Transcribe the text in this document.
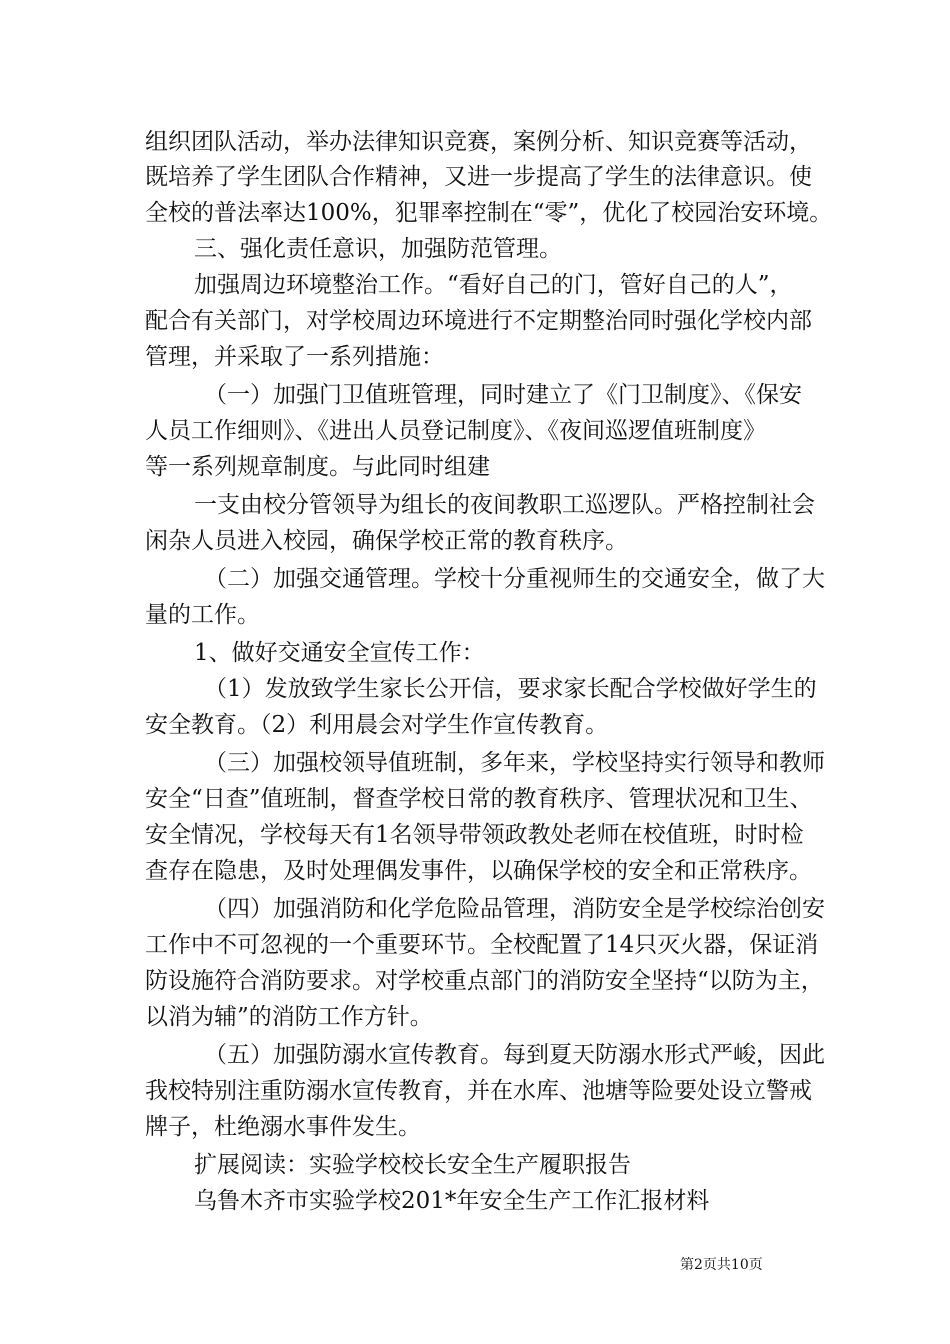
组织团队活动，举办法律知识竞赛，案例分析、知识竞赛等活动，
既培养了学生团队合作精神，又进一步提高了学生的法律意识。使
全校的普法率达100%，犯罪率控制在“零”，优化了校园治安环境。
三、强化责任意识，加强防范管理。
加强周边环境整治工作。“看好自己的门，管好自己的人”，
配合有关部门，对学校周边环境进行不定期整治同时强化学校内部
管理，并采取了一系列措施：
（一）加强门卫值班管理，同时建立了《门卫制度》、《保安
人员工作细则》、《进出人员登记制度》、《夜间巡逻值班制度》
等一系列规章制度。与此同时组建
一支由校分管领导为组长的夜间教职工巡逻队。严格控制社会
闲杂人员进入校园，确保学校正常的教育秩序。
（二）加强交通管理。学校十分重视师生的交通安全，做了大
量的工作。
1、做好交通安全宣传工作：
（1）发放致学生家长公开信，要求家长配合学校做好学生的
安全教育。（2）利用晨会对学生作宣传教育。
（三）加强校领导值班制，多年来，学校坚持实行领导和教师
安全“日查”值班制，督查学校日常的教育秩序、管理状况和卫生、
安全情况，学校每天有1名领导带领政教处老师在校值班，时时检
查存在隐患，及时处理偶发事件，以确保学校的安全和正常秩序。
（四）加强消防和化学危险品管理，消防安全是学校综治创安
工作中不可忽视的一个重要环节。全校配置了14只灭火器，保证消
防设施符合消防要求。对学校重点部门的消防安全坚持“以防为主，
以消为辅”的消防工作方针。
（五）加强防溺水宣传教育。每到夏天防溺水形式严峻，因此
我校特别注重防溺水宣传教育，并在水库、池塘等险要处设立警戒
牌子，杜绝溺水事件发生。
扩展阅读：实验学校校长安全生产履职报告
乌鲁木齐市实验学校201*年安全生产工作汇报材料
第2页共10页
